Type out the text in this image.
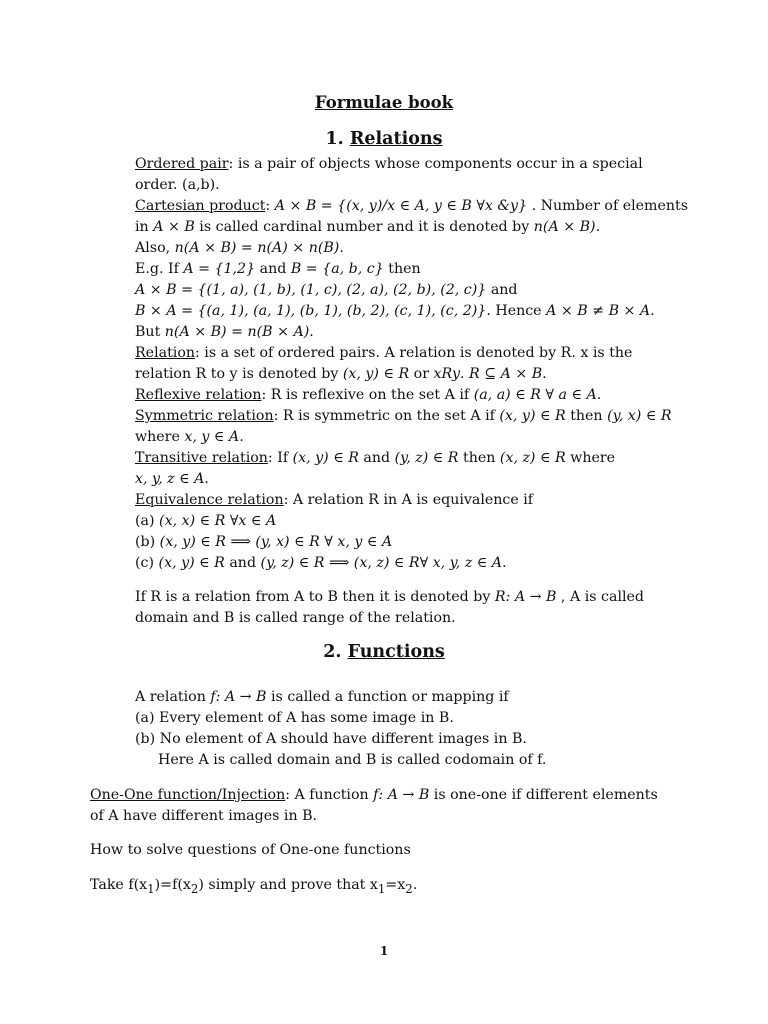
Formulae book
1. Relations
Ordered pair: is a pair of objects whose components occur in a special
order. (a,b).
Cartesian product: A × B = {(x, y)/x ∈ A, y ∈ B ∀x &y} . Number of elements
in A × B is called cardinal number and it is denoted by n(A × B).
Also, n(A × B) = n(A) × n(B).
E.g. If A = {1,2} and B = {a, b, c} then
A × B = {(1, a), (1, b), (1, c), (2, a), (2, b), (2, c)} and
B × A = {(a, 1), (a, 1), (b, 1), (b, 2), (c, 1), (c, 2)}. Hence A × B ≠ B × A.
But n(A × B) = n(B × A).
Relation: is a set of ordered pairs. A relation is denoted by R. x is the
relation R to y is denoted by (x, y) ∈ R or xRy. R ⊆ A × B.
Reflexive relation: R is reflexive on the set A if (a, a) ∈ R ∀ a ∈ A.
Symmetric relation: R is symmetric on the set A if (x, y) ∈ R then (y, x) ∈ R
where x, y ∈ A.
Transitive relation: If (x, y) ∈ R and (y, z) ∈ R then (x, z) ∈ R where
x, y, z ∈ A.
Equivalence relation: A relation R in A is equivalence if
(a) (x, x) ∈ R ∀x ∈ A
(b) (x, y) ∈ R ⟹ (y, x) ∈ R ∀ x, y ∈ A
(c) (x, y) ∈ R and (y, z) ∈ R ⟹ (x, z) ∈ R∀ x, y, z ∈ A.
If R is a relation from A to B then it is denoted by R: A → B , A is called
domain and B is called range of the relation.
2. Functions
A relation f: A → B is called a function or mapping if
(a) Every element of A has some image in B.
(b) No element of A should have different images in B.
Here A is called domain and B is called codomain of f.
One-One function/Injection: A function f: A → B is one-one if different elements
of A have different images in B.
How to solve questions of One-one functions
Take $f(x_1)=f(x_2)$ simply and prove that $x_1=x_2$.
1
